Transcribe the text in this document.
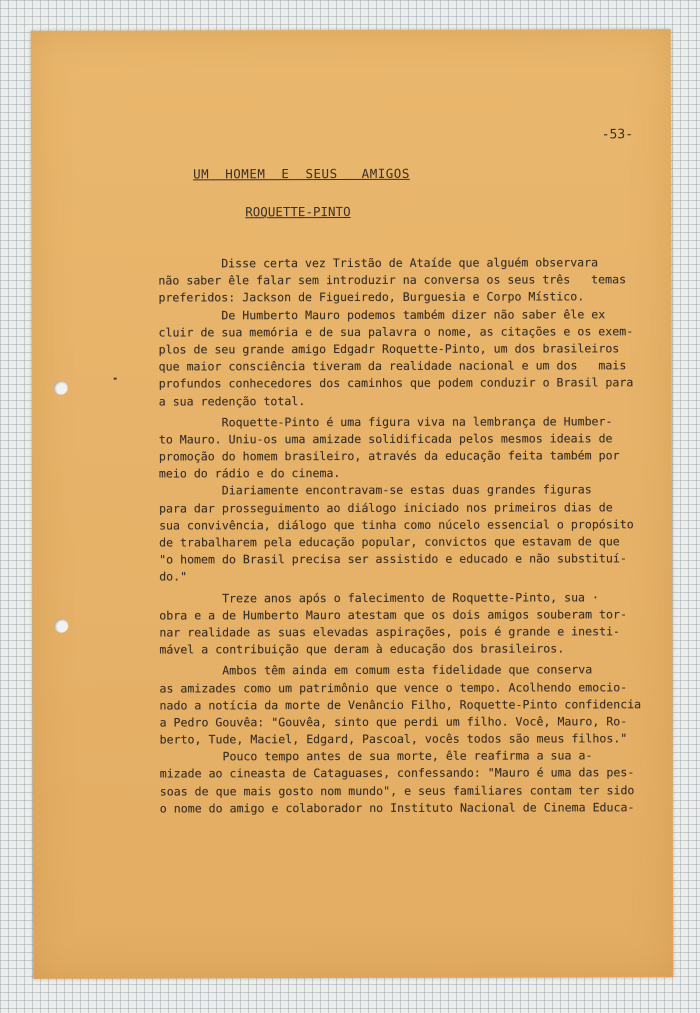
-53-
UM  HOMEM  E  SEUS   AMIGOS
ROQUETTE-PINTO
Disse certa vez Tristão de Ataíde que alguém observara
não saber êle falar sem introduzir na conversa os seus três   temas
preferidos: Jackson de Figueiredo, Burguesia e Corpo Místico.
De Humberto Mauro podemos também dizer não saber êle ex
cluir de sua memória e de sua palavra o nome, as citações e os exem-
plos de seu grande amigo Edgadr Roquette-Pinto, um dos brasileiros
que maior consciência tiveram da realidade nacional e um dos   mais
profundos conhecedores dos caminhos que podem conduzir o Brasil para
a sua redenção total.
Roquette-Pinto é uma figura viva na lembrança de Humber-
to Mauro. Uniu-os uma amizade solidificada pelos mesmos ideais de
promoção do homem brasileiro, através da educação feita também por
meio do rádio e do cinema.
Diariamente encontravam-se estas duas grandes figuras
para dar prosseguimento ao diálogo iniciado nos primeiros dias de
sua convivência, diálogo que tinha como núcelo essencial o propósito
de trabalharem pela educação popular, convictos que estavam de que
"o homem do Brasil precisa ser assistido e educado e não substituí-
do."
Treze anos após o falecimento de Roquette-Pinto, sua ·
obra e a de Humberto Mauro atestam que os dois amigos souberam tor-
nar realidade as suas elevadas aspirações, pois é grande e inesti-
mável a contribuição que deram à educação dos brasileiros.
Ambos têm ainda em comum esta fidelidade que conserva
as amizades como um patrimônio que vence o tempo. Acolhendo emocio-
nado a notícia da morte de Venâncio Filho, Roquette-Pinto confidencia
a Pedro Gouvêa: "Gouvêa, sinto que perdi um filho. Você, Mauro, Ro-
berto, Tude, Maciel, Edgard, Pascoal, vocês todos são meus filhos."
Pouco tempo antes de sua morte, êle reafirma a sua a-
mizade ao cineasta de Cataguases, confessando: "Mauro é uma das pes-
soas de que mais gosto nom mundo", e seus familiares contam ter sido
o nome do amigo e colaborador no Instituto Nacional de Cinema Educa-
